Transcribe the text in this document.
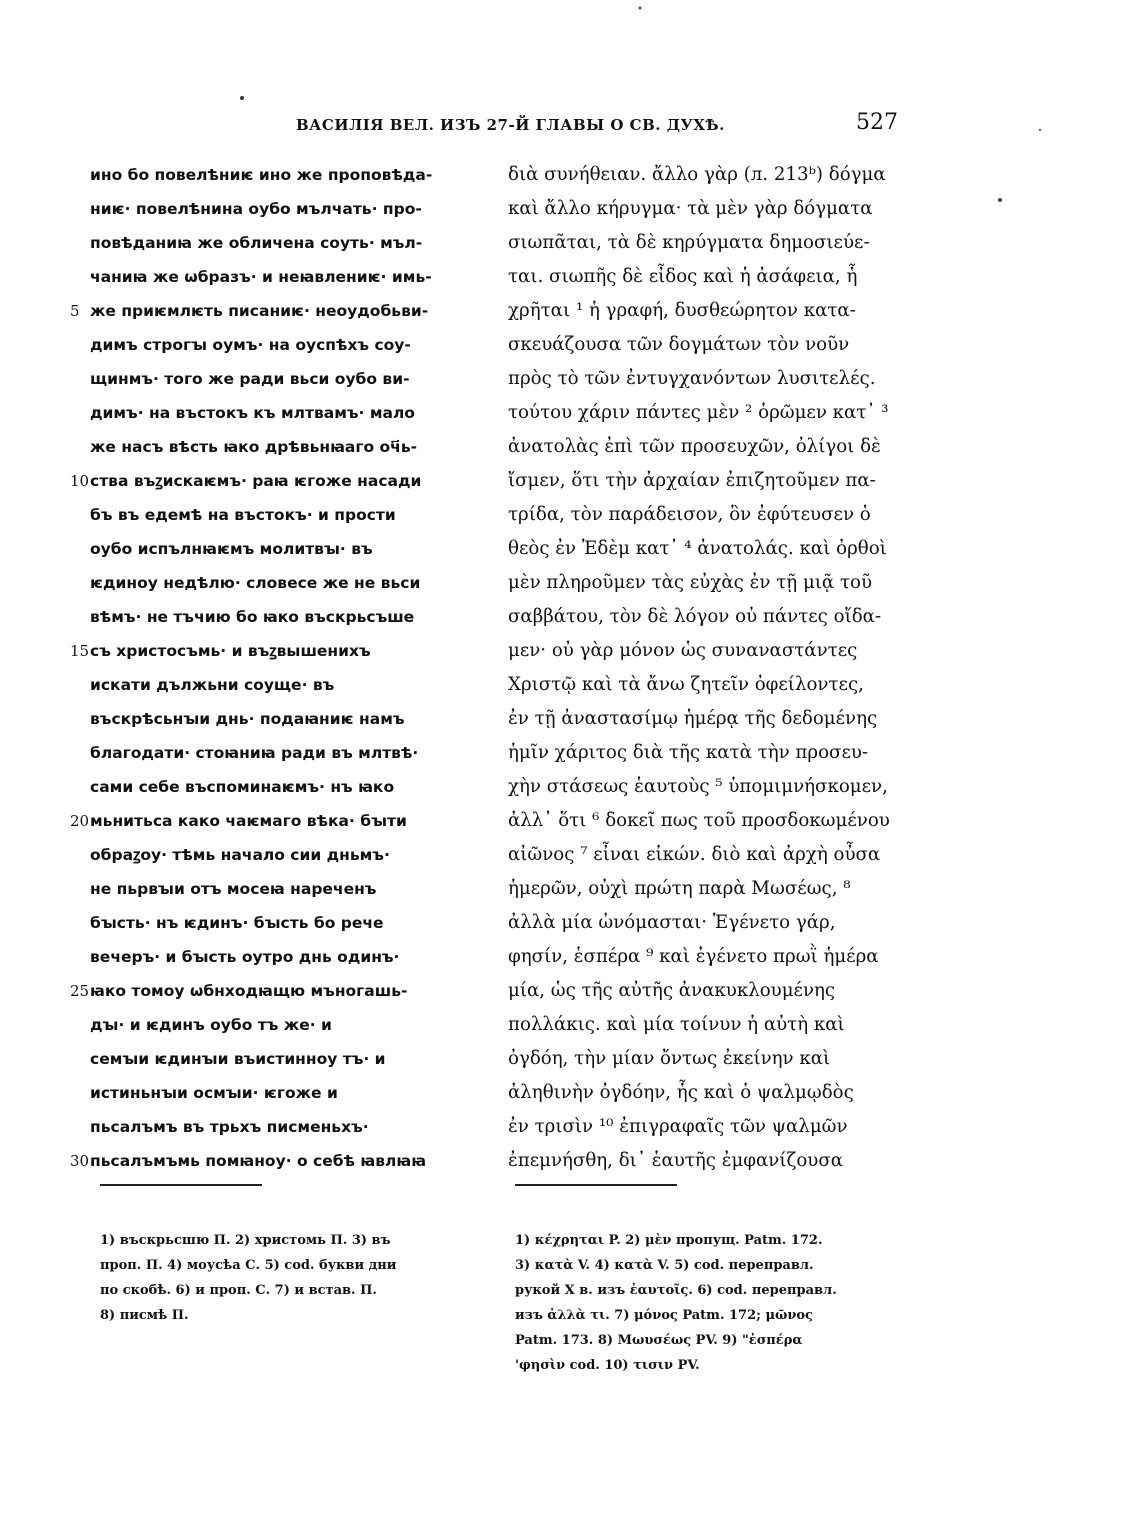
ВАСИЛІЯ ВЕЛ. ИЗЪ 27-Й ГЛАВЫ О СВ. ДУХѢ.	527
5
10
15
20
25
30
ино бо повелѣниѥ ино же проповѣда-
ниѥ· повелѣнина оубо мълчать· про-
повѣданиꙗ же обличена соуть· мъл-
чаниꙗ же ѡбразъ· и неꙗвлениѥ· имь-
же приѥмлѥть писаниѥ· неоудобьви-
димъ строгꙑ оумъ· на оуспѣхъ соу-
щинмъ· того же ради вьси оубо ви-
димъ· на въстокъ къ млтвамъ· мало
же насъ вѣсть ꙗко дрѣвьнꙗаго оч҃ь-
ства въꙁискаѥмъ· раꙗ ѥгоже насади
бъ въ едемѣ на въстокъ· и прости
оубо испълнꙗѥмъ молитвꙑ· въ
ѥдиноу недѣлю· словесе же не вьси
вѣмъ· не тъчию бо ꙗко въскрьсъше
съ христосъмь· и въꙁвышенихъ
искати дължьни соуще· въ
въскрѣсьнꙑи днь· подаꙗниѥ намъ
благодати· стоꙗниꙗ ради въ млтвѣ·
сами себе въспоминаѥмъ· нъ ꙗко
мьнитьса како чаѥмаго вѣка· бꙑти
обраꙁоу· тѣмь начало сии дньмъ·
не пьрвꙑи отъ мосеꙗ нареченъ
бꙑсть· нъ ѥдинъ· бꙑсть бо рече
вечеръ· и бꙑсть оутро днь одинъ·
ꙗко томоу ѡбнходꙗщю мъногашь-
дꙑ· и ѥдинъ оубо тъ же· и
семꙑи ѥдинꙑи въистинноу тъ· и
истиньнꙑи осмꙑи· ѥгоже и
пьсалъмъ въ трьхъ писменьхъ·
пьсалъмъмь помꙗноу· о себѣ ꙗвлꙗꙗ
διὰ συνήθειαν. ἄλλο γὰρ (л. 213ᵇ) δόγμα
καὶ ἄλλο κήρυγμα· τὰ μὲν γὰρ δόγματα
σιωπᾶται, τὰ δὲ κηρύγματα δημοσιεύε-
ται. σιωπῆς δὲ εἶδος καὶ ἡ ἀσάφεια, ἧ
χρῆται ¹ ἡ γραφή, δυσθεώρητον κατα-
σκευάζουσα τῶν δογμάτων τὸν νοῦν
πρὸς τὸ τῶν ἐντυγχανόντων λυσιτελές.
τούτου χάριν πάντες μὲν ² ὁρῶμεν κατ᾿ ³
ἀνατολὰς ἐπὶ τῶν προσευχῶν, ὀλίγοι δὲ
ἴσμεν, ὅτι τὴν ἀρχαίαν ἐπιζητοῦμεν πα-
τρίδα, τὸν παράδεισον, ὃν ἐφύτευσεν ὁ
θεὸς ἐν Ἐδὲμ κατ᾿ ⁴ ἀνατολάς. καὶ ὀρθοὶ
μὲν πληροῦμεν τὰς εὐχὰς ἐν τῇ μιᾷ τοῦ
σαββάτου, τὸν δὲ λόγον οὐ πάντες οἴδα-
μεν· οὐ γὰρ μόνον ὡς συναναστάντες
Χριστῷ καὶ τὰ ἄνω ζητεῖν ὀφείλοντες,
ἐν τῇ ἀναστασίμῳ ἡμέρᾳ τῆς δεδομένης
ἡμῖν χάριτος διὰ τῆς κατὰ τὴν προσευ-
χὴν στάσεως ἑαυτοὺς ⁵ ὑπομιμνήσκομεν,
ἀλλ᾿ ὅτι ⁶ δοκεῖ πως τοῦ προσδοκωμένου
αἰῶνος ⁷ εἶναι εἰκών. διὸ καὶ ἀρχὴ οὖσα
ἡμερῶν, οὐχὶ πρώτη παρὰ Μωσέως, ⁸
ἀλλὰ μία ὠνόμασται· Ἐγένετο γάρ,
φησίν, ἑσπέρα ⁹ καὶ ἐγένετο πρωῒ ἡμέρα
μία, ὡς τῆς αὐτῆς ἀνακυκλουμένης
πολλάκις. καὶ μία τοίνυν ἡ αὐτὴ καὶ
ὀγδόη, τὴν μίαν ὄντως ἐκείνην καὶ
ἀληθινὴν ὀγδόην, ἧς καὶ ὁ ψαλμῳδὸς
ἐν τρισὶν ¹⁰ ἐπιγραφαῖς τῶν ψαλμῶν
ἐπεμνήσθη, δι᾿ ἑαυτῆς ἐμφανίζουσα
1) въскрьсшю П. 2) христомь П. 3) въ
проп. П. 4) моусѣа С. 5) cod. букви дни
по скобѣ. 6) и проп. С. 7) и встав. П.
8) писмѣ П.
1) κέχρηται P. 2) μὲν пропущ. Patm. 172.
3) κατὰ V. 4) κατὰ V. 5) cod. переправл.
рукой X в. изъ ἑαυτοῖς. 6) cod. переправл.
изъ ἀλλὰ τι. 7) μόνος Patm. 172; μῶνος
Patm. 173. 8) Μωυσέως PV. 9) "ἑσπέρα
'φησὶν cod. 10) τισιν PV.
